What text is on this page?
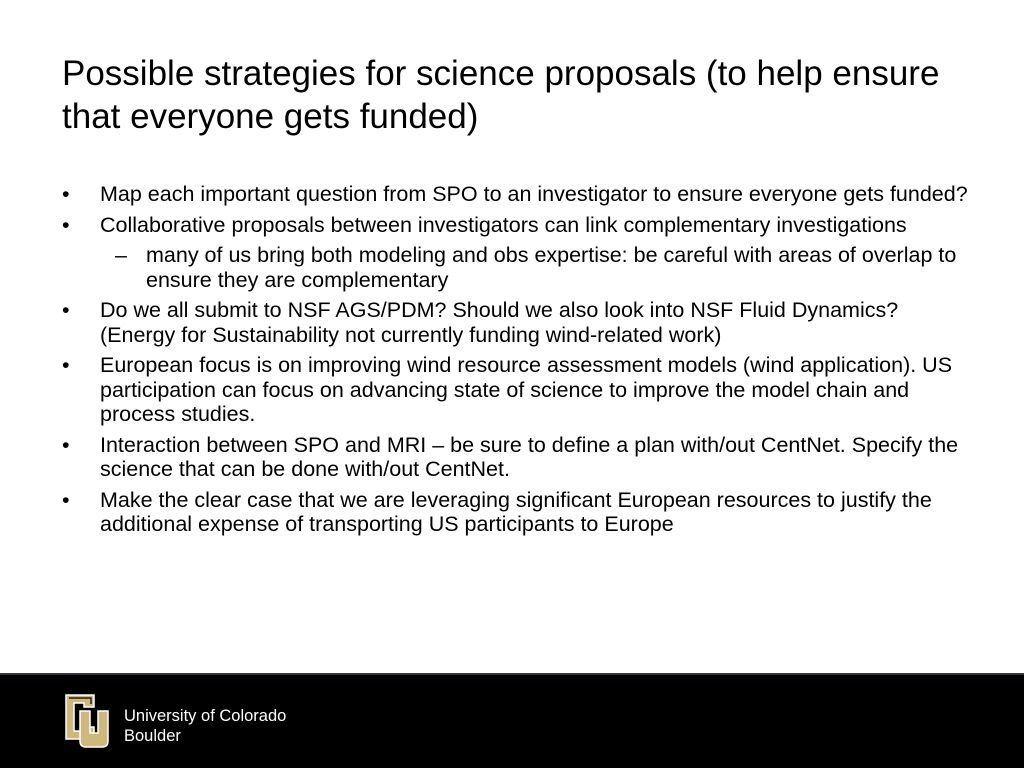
Possible strategies for science proposals (to help ensure that everyone gets funded)
•	Map each important question from SPO to an investigator to ensure everyone gets funded?
•	Collaborative proposals between investigators can link complementary investigations
– many of us bring both modeling and obs expertise: be careful with areas of overlap to ensure they are complementary
•	Do we all submit to NSF AGS/PDM? Should we also look into NSF Fluid Dynamics? (Energy for Sustainability not currently funding wind-related work)
•	European focus is on improving wind resource assessment models (wind application). US participation can focus on advancing state of science to improve the model chain and process studies.
•	Interaction between SPO and MRI – be sure to define a plan with/out CentNet. Specify the science that can be done with/out CentNet.
•	Make the clear case that we are leveraging significant European resources to justify the additional expense of transporting US participants to Europe
University of Colorado
Boulder
